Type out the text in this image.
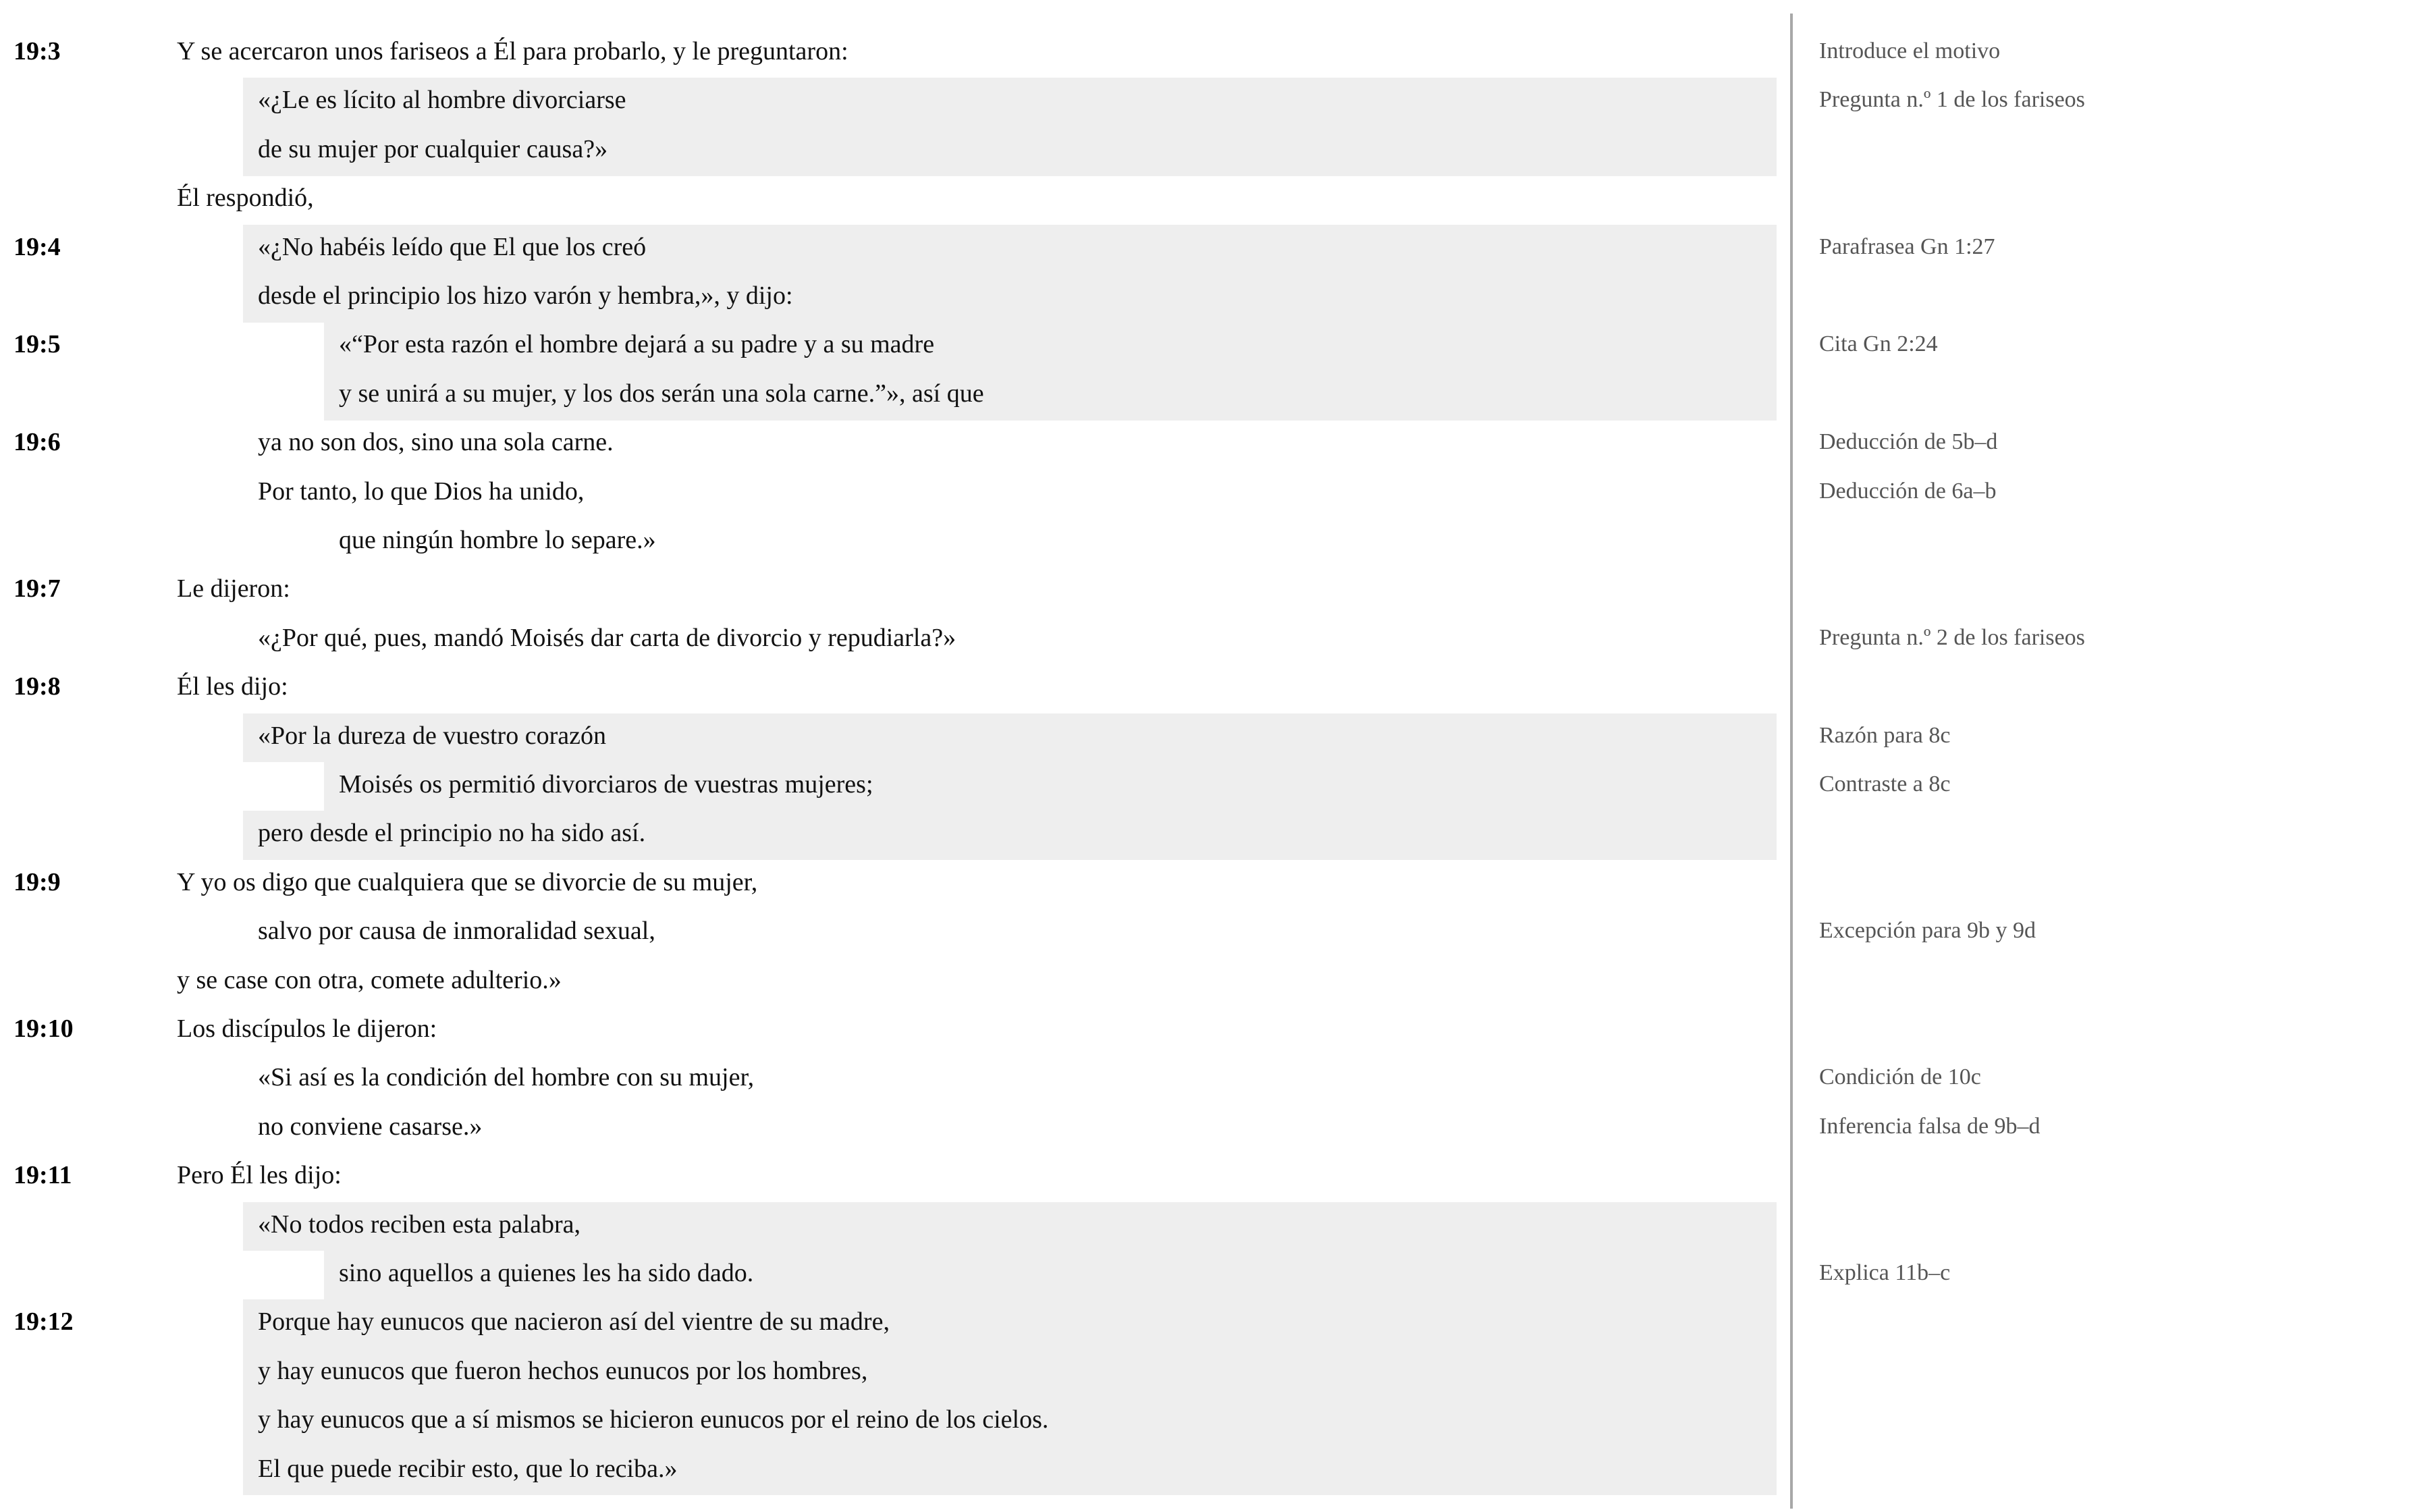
19:3	Y se acercaron unos fariseos a Él para probarlo, y le preguntaron:	Introduce el motivo
«¿Le es lícito al hombre divorciarse	Pregunta n.º 1 de los fariseos
de su mujer por cualquier causa?»
Él respondió,
19:4	«¿No habéis leído que El que los creó	Parafrasea Gn 1:27
desde el principio los hizo varón y hembra,», y dijo:
19:5	«“Por esta razón el hombre dejará a su padre y a su madre	Cita Gn 2:24
y se unirá a su mujer, y los dos serán una sola carne.”», así que
19:6	ya no son dos, sino una sola carne.	Deducción de 5b–d
Por tanto, lo que Dios ha unido,	Deducción de 6a–b
que ningún hombre lo separe.»
19:7	Le dijeron:
«¿Por qué, pues, mandó Moisés dar carta de divorcio y repudiarla?»	Pregunta n.º 2 de los fariseos
19:8	Él les dijo:
«Por la dureza de vuestro corazón	Razón para 8c
Moisés os permitió divorciaros de vuestras mujeres;	Contraste a 8c
pero desde el principio no ha sido así.
19:9	Y yo os digo que cualquiera que se divorcie de su mujer,
salvo por causa de inmoralidad sexual,	Excepción para 9b y 9d
y se case con otra, comete adulterio.»
19:10	Los discípulos le dijeron:
«Si así es la condición del hombre con su mujer,	Condición de 10c
no conviene casarse.»	Inferencia falsa de 9b–d
19:11	Pero Él les dijo:
«No todos reciben esta palabra,
sino aquellos a quienes les ha sido dado.	Explica 11b–c
19:12	Porque hay eunucos que nacieron así del vientre de su madre,
y hay eunucos que fueron hechos eunucos por los hombres,
y hay eunucos que a sí mismos se hicieron eunucos por el reino de los cielos.
El que puede recibir esto, que lo reciba.»
